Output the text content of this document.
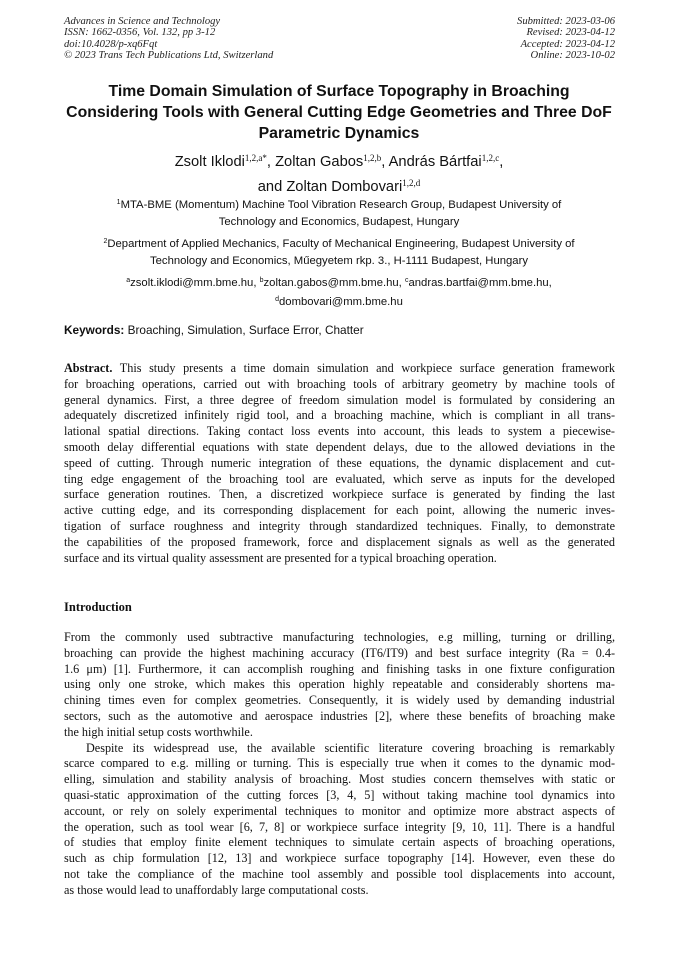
Advances in Science and Technology
ISSN: 1662-0356, Vol. 132, pp 3-12
doi:10.4028/p-xq6Fqt
© 2023 Trans Tech Publications Ltd, Switzerland
Submitted: 2023-03-06
Revised: 2023-04-12
Accepted: 2023-04-12
Online: 2023-10-02
Time Domain Simulation of Surface Topography in Broaching
Considering Tools with General Cutting Edge Geometries and Three DoF
Parametric Dynamics
Zsolt Iklodi$^{1,2,a*}$, Zoltan Gabos$^{1,2,b}$, András Bártfai$^{1,2,c}$,
and Zoltan Dombovari$^{1,2,d}$
$^1$MTA-BME (Momentum) Machine Tool Vibration Research Group, Budapest University of
Technology and Economics, Budapest, Hungary
$^2$Department of Applied Mechanics, Faculty of Mechanical Engineering, Budapest University of
Technology and Economics, Műegyetem rkp. 3., H-1111 Budapest, Hungary
$^a$zsolt.iklodi@mm.bme.hu, $^b$zoltan.gabos@mm.bme.hu, $^c$andras.bartfai@mm.bme.hu,
$^d$dombovari@mm.bme.hu
Keywords: Broaching, Simulation, Surface Error, Chatter
Abstract. This study presents a time domain simulation and workpiece surface generation framework
for broaching operations, carried out with broaching tools of arbitrary geometry by machine tools of
general dynamics. First, a three degree of freedom simulation model is formulated by considering an
adequately discretized infinitely rigid tool, and a broaching machine, which is compliant in all trans-
lational spatial directions. Taking contact loss events into account, this leads to system a piecewise-
smooth delay differential equations with state dependent delays, due to the allowed deviations in the
speed of cutting. Through numeric integration of these equations, the dynamic displacement and cut-
ting edge engagement of the broaching tool are evaluated, which serve as inputs for the developed
surface generation routines. Then, a discretized workpiece surface is generated by finding the last
active cutting edge, and its corresponding displacement for each point, allowing the numeric inves-
tigation of surface roughness and integrity through standardized techniques. Finally, to demonstrate
the capabilities of the proposed framework, force and displacement signals as well as the generated
surface and its virtual quality assessment are presented for a typical broaching operation.
Introduction
From the commonly used subtractive manufacturing technologies, e.g milling, turning or drilling,
broaching can provide the highest machining accuracy (IT6/IT9) and best surface integrity (Ra = 0.4-
1.6 μm) [1]. Furthermore, it can accomplish roughing and finishing tasks in one fixture configuration
using only one stroke, which makes this operation highly repeatable and considerably shortens ma-
chining times even for complex geometries. Consequently, it is widely used by demanding industrial
sectors, such as the automotive and aerospace industries [2], where these benefits of broaching make
the high initial setup costs worthwhile.
Despite its widespread use, the available scientific literature covering broaching is remarkably
scarce compared to e.g. milling or turning. This is especially true when it comes to the dynamic mod-
elling, simulation and stability analysis of broaching. Most studies concern themselves with static or
quasi-static approximation of the cutting forces [3, 4, 5] without taking machine tool dynamics into
account, or rely on solely experimental techniques to monitor and optimize more abstract aspects of
the operation, such as tool wear [6, 7, 8] or workpiece surface integrity [9, 10, 11]. There is a handful
of studies that employ finite element techniques to simulate certain aspects of broaching operations,
such as chip formulation [12, 13] and workpiece surface topography [14]. However, even these do
not take the compliance of the machine tool assembly and possible tool displacements into account,
as those would lead to unaffordably large computational costs.
